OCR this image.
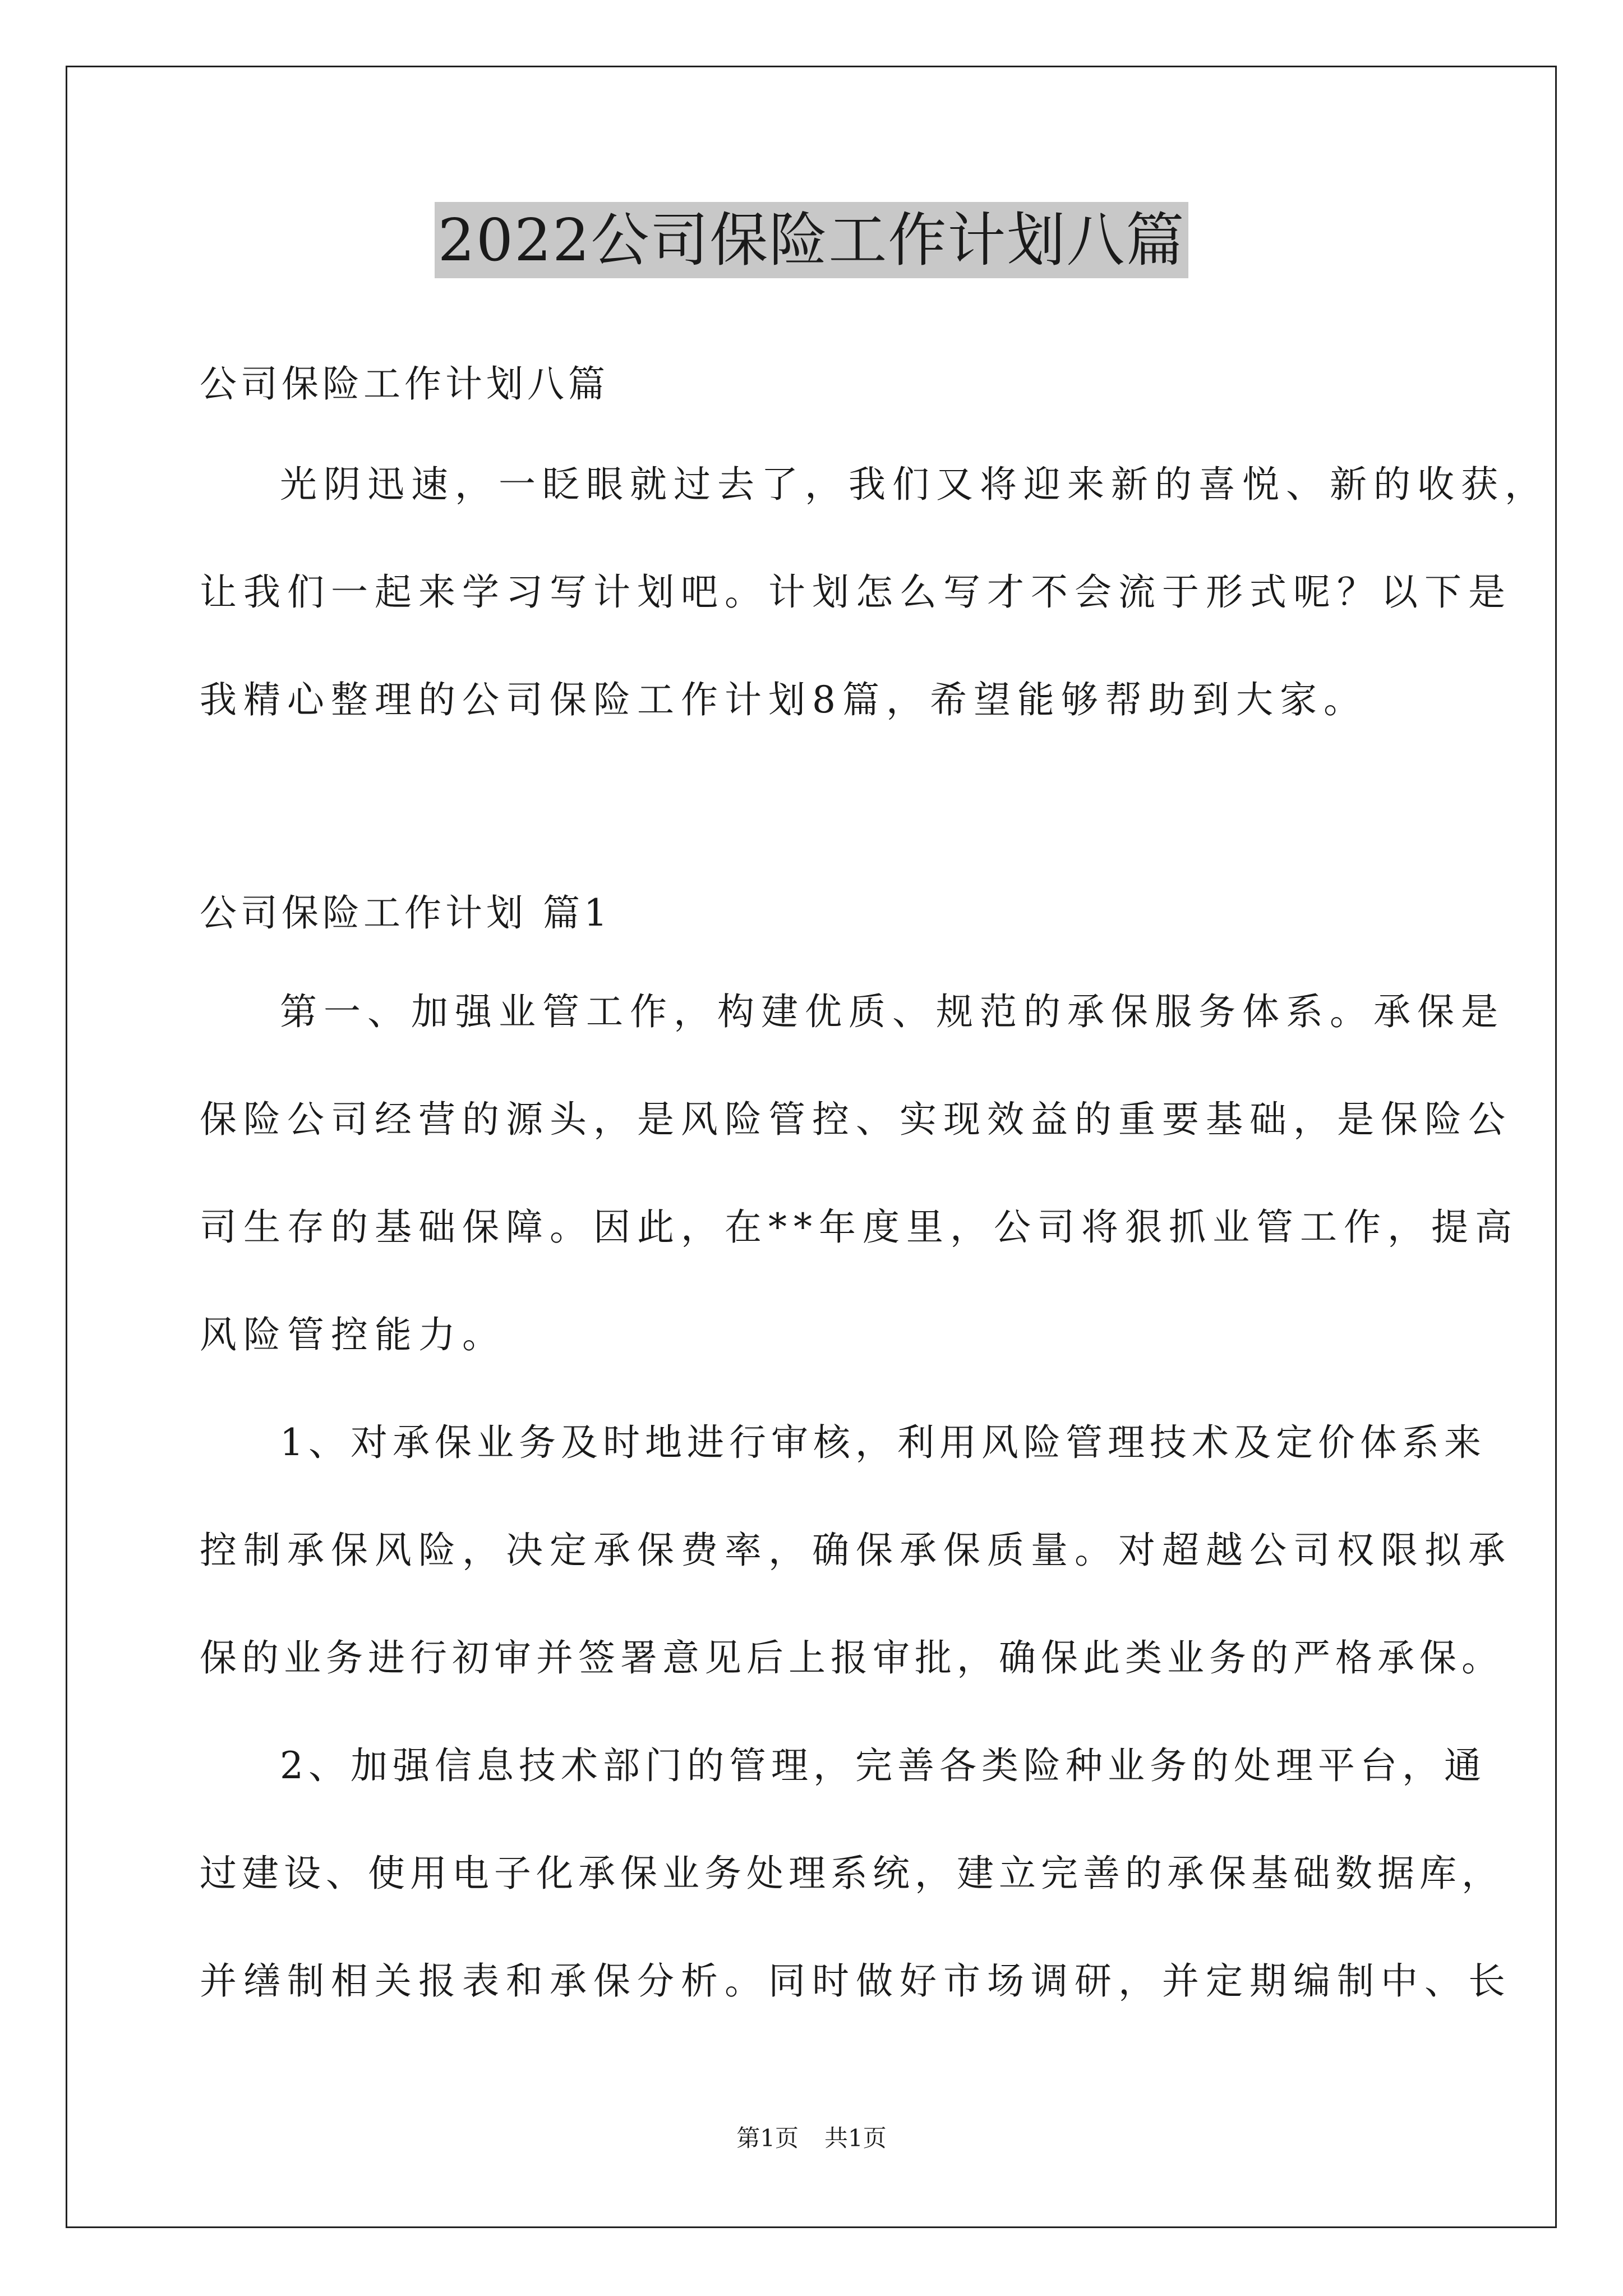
2022公司保险工作计划八篇
公司保险工作计划八篇
光阴迅速，一眨眼就过去了，我们又将迎来新的喜悦、新的收获，
让我们一起来学习写计划吧。计划怎么写才不会流于形式呢？以下是
我精心整理的公司保险工作计划8篇，希望能够帮助到大家。
公司保险工作计划 篇1
第一、加强业管工作，构建优质、规范的承保服务体系。承保是
保险公司经营的源头，是风险管控、实现效益的重要基础，是保险公
司生存的基础保障。因此，在**年度里，公司将狠抓业管工作，提高
风险管控能力。
1、对承保业务及时地进行审核，利用风险管理技术及定价体系来
控制承保风险，决定承保费率，确保承保质量。对超越公司权限拟承
保的业务进行初审并签署意见后上报审批，确保此类业务的严格承保。
2、加强信息技术部门的管理，完善各类险种业务的处理平台，通
过建设、使用电子化承保业务处理系统，建立完善的承保基础数据库，
并缮制相关报表和承保分析。同时做好市场调研，并定期编制中、长
第1页 共1页
